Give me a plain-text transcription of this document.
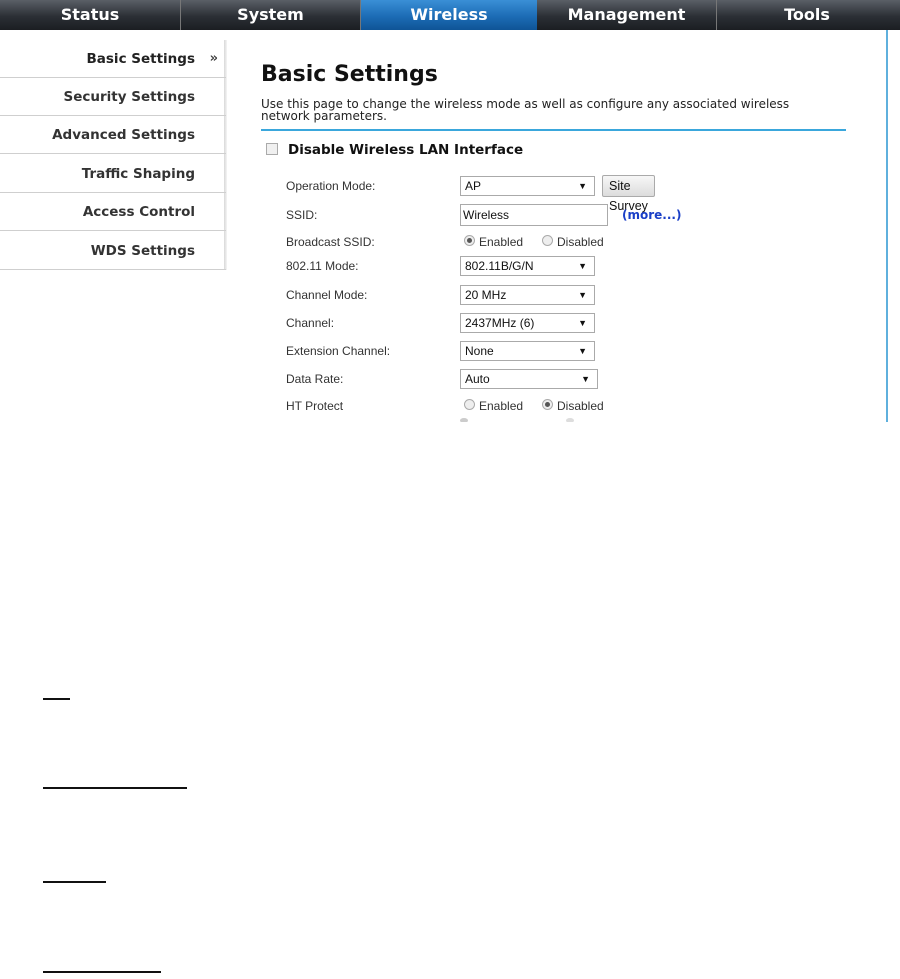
Status	System	Wireless	Management	Tools
Basic Settings »
Security Settings
Advanced Settings
Traffic Shaping
Access Control
WDS Settings
Basic Settings
Use this page to change the wireless mode as well as configure any associated wireless network parameters.
Disable Wireless LAN Interface
Operation Mode:	AP	▼	Site Survey
SSID:	Wireless	(more...)
Broadcast SSID:	Enabled	Disabled
802.11 Mode:	802.11B/G/N	▼
Channel Mode:	20 MHz	▼
Channel:	2437MHz (6)	▼
Extension Channel:	None	▼
Data Rate:	Auto	▼
HT Protect	Enabled	Disabled
